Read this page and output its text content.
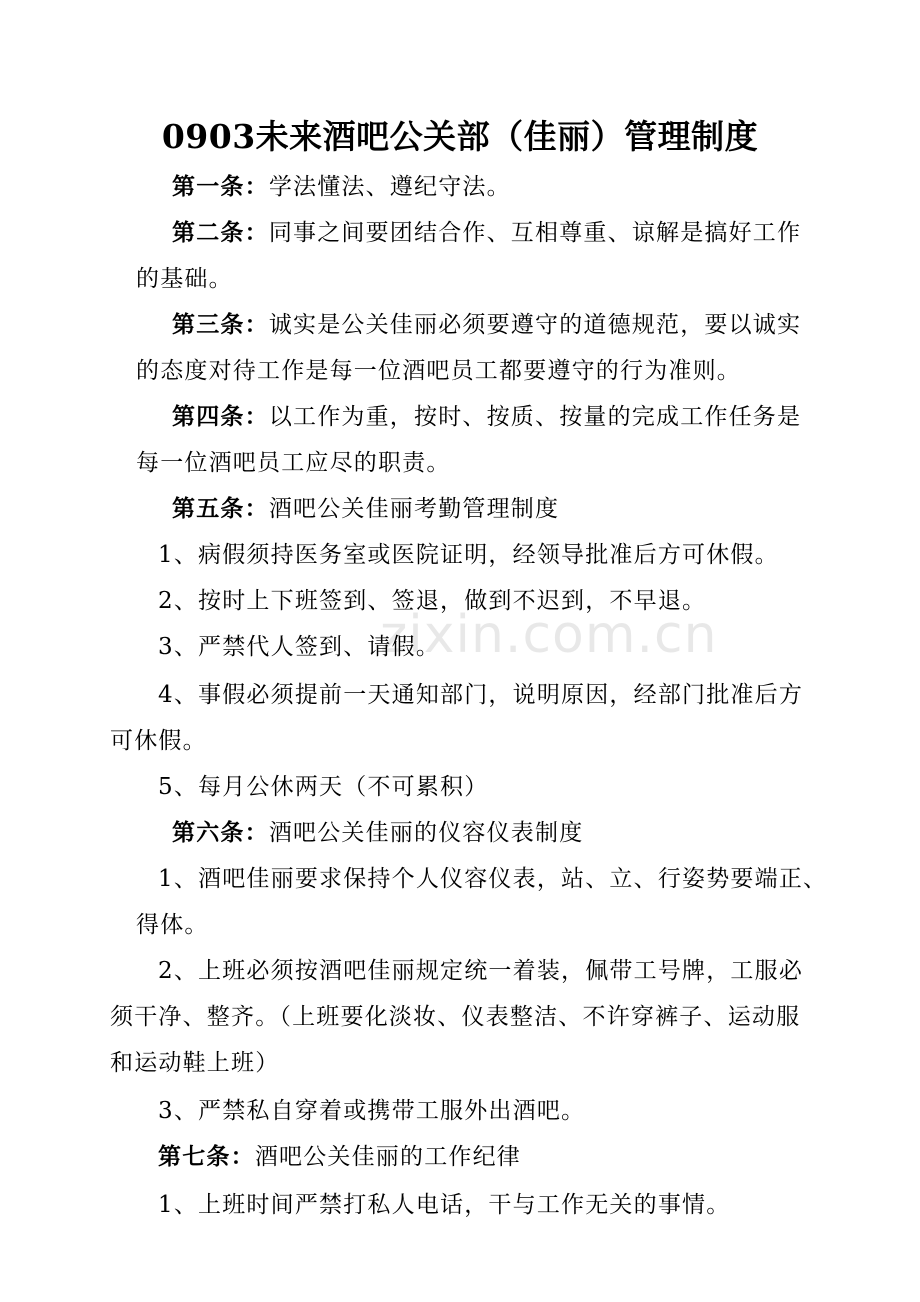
0903未来酒吧公关部（佳丽）管理制度
第一条：学法懂法、遵纪守法。
第二条：同事之间要团结合作、互相尊重、谅解是搞好工作
的基础。
第三条：诚实是公关佳丽必须要遵守的道德规范，要以诚实
的态度对待工作是每一位酒吧员工都要遵守的行为准则。
第四条：以工作为重，按时、按质、按量的完成工作任务是
每一位酒吧员工应尽的职责。
第五条：酒吧公关佳丽考勤管理制度
1、病假须持医务室或医院证明，经领导批准后方可休假。
2、按时上下班签到、签退，做到不迟到，不早退。
3、严禁代人签到、请假。
4、事假必须提前一天通知部门，说明原因，经部门批准后方
可休假。
5、每月公休两天（不可累积）
第六条：酒吧公关佳丽的仪容仪表制度
1、酒吧佳丽要求保持个人仪容仪表，站、立、行姿势要端正、
得体。
2、上班必须按酒吧佳丽规定统一着装，佩带工号牌，工服必
须干净、整齐。（上班要化淡妆、仪表整洁、不许穿裤子、运动服
和运动鞋上班）
3、严禁私自穿着或携带工服外出酒吧。
第七条：酒吧公关佳丽的工作纪律
1、上班时间严禁打私人电话，干与工作无关的事情。
zixin.com.cn
